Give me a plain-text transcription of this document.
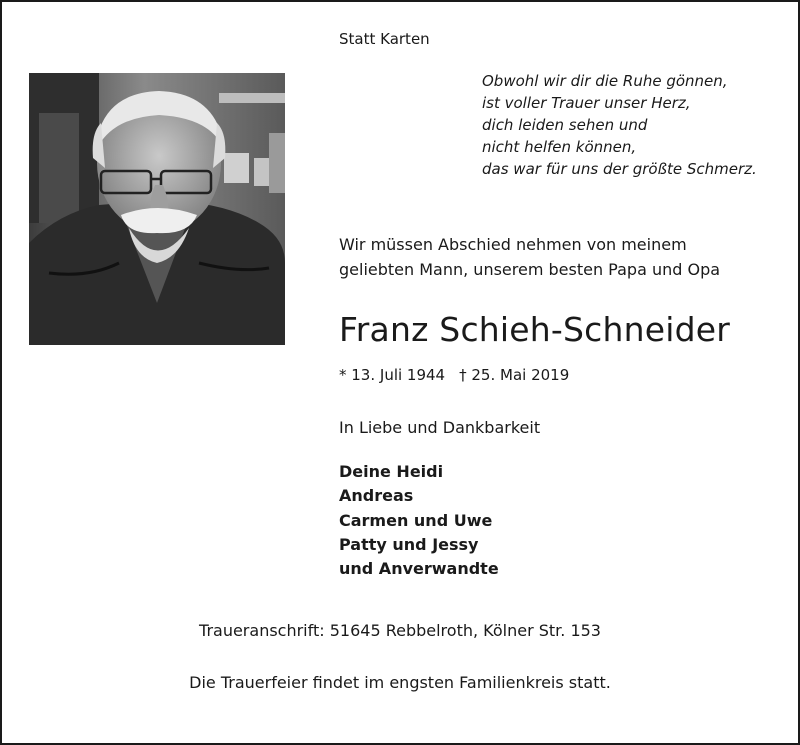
Statt Karten
Obwohl wir dir die Ruhe gönnen,
ist voller Trauer unser Herz,
dich leiden sehen und
nicht helfen können,
das war für uns der größte Schmerz.
Wir müssen Abschied nehmen von meinem
geliebten Mann, unserem besten Papa und Opa
Franz Schieh-Schneider
* 13. Juli 1944 † 25. Mai 2019
In Liebe und Dankbarkeit
Deine Heidi
Andreas
Carmen und Uwe
Patty und Jessy
und Anverwandte
Traueranschrift: 51645 Rebbelroth, Kölner Str. 153
Die Trauerfeier findet im engsten Familienkreis statt.
